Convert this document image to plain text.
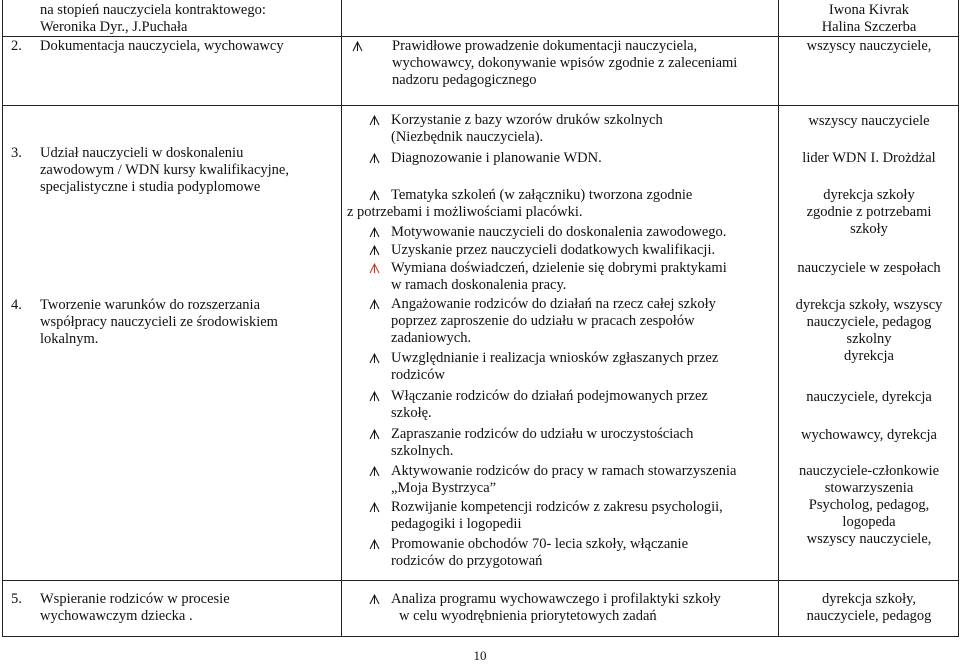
na stopień nauczyciela kontraktowego:
Weronika Dyr., J.Puchała
Iwona Kivrak
Halina Szczerba
2. Dokumentacja nauczyciela, wychowawcy	Prawidłowe prowadzenie dokumentacji nauczyciela,
wychowawcy, dokonywanie wpisów zgodnie z zaleceniami
nadzoru pedagogicznego
wszyscy nauczyciele,
3. Udział nauczycieli w doskonaleniu
zawodowym / WDN kursy kwalifikacyjne,
specjalistyczne i studia podyplomowe
Korzystanie z bazy wzorów druków szkolnych
(Niezbędnik nauczyciela).
Diagnozowanie i planowanie WDN.
Tematyka szkoleń (w załączniku) tworzona zgodnie
z potrzebami i możliwościami placówki.
Motywowanie nauczycieli do doskonalenia zawodowego.
Uzyskanie przez nauczycieli dodatkowych kwalifikacji.
Wymiana doświadczeń, dzielenie się dobrymi praktykami
w ramach doskonalenia pracy.
wszyscy nauczyciele
lider WDN I. Drożdżal
dyrekcja szkoły
zgodnie z potrzebami
szkoły
nauczyciele w zespołach
4. Tworzenie warunków do rozszerzania
współpracy nauczycieli ze środowiskiem
lokalnym.
Angażowanie rodziców do działań na rzecz całej szkoły
poprzez zaproszenie do udziału w pracach zespołów
zadaniowych.
Uwzględnianie i realizacja wniosków zgłaszanych przez
rodziców
Włączanie rodziców do działań podejmowanych przez
szkołę.
Zapraszanie rodziców do udziału w uroczystościach
szkolnych.
Aktywowanie rodziców do pracy w ramach stowarzyszenia
„Moja Bystrzyca”
Rozwijanie kompetencji rodziców z zakresu psychologii,
pedagogiki i logopedii
Promowanie obchodów 70- lecia szkoły, włączanie
rodziców do przygotowań
dyrekcja szkoły, wszyscy
nauczyciele, pedagog
szkolny
dyrekcja
nauczyciele, dyrekcja
wychowawcy, dyrekcja
nauczyciele-członkowie
stowarzyszenia
Psycholog, pedagog,
logopeda
wszyscy nauczyciele,
5. Wspieranie rodziców w procesie
wychowawczym dziecka .
Analiza programu wychowawczego i profilaktyki szkoły
w celu wyodrębnienia priorytetowych zadań
dyrekcja szkoły,
nauczyciele, pedagog
10
